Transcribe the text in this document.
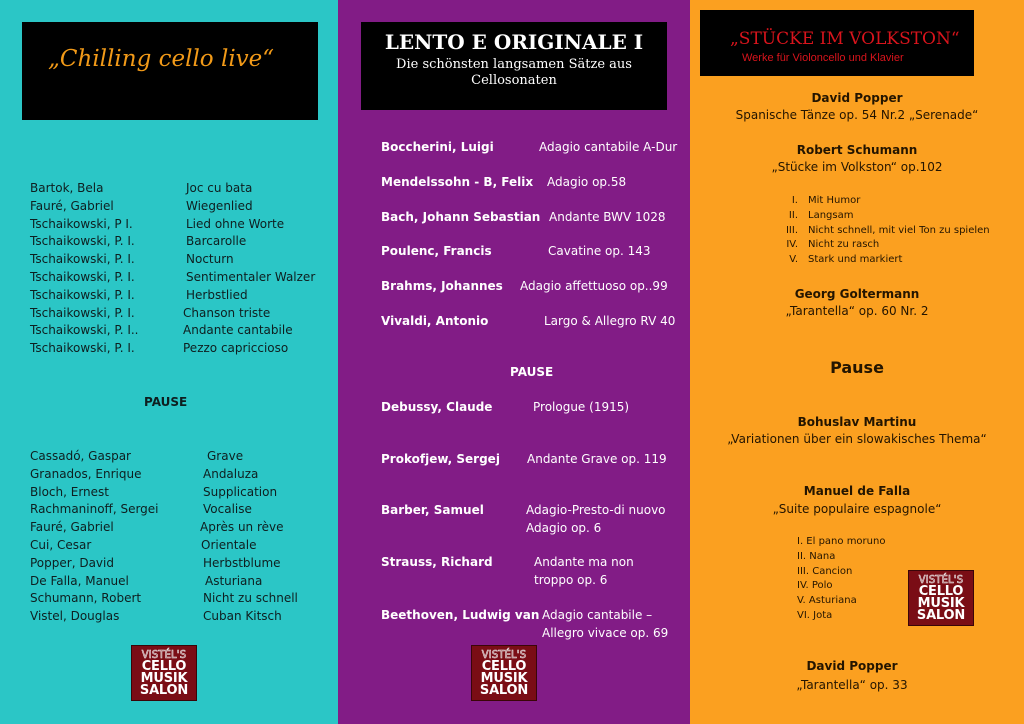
„Chilling cello live“
Bartok, Bela	Joc cu bata
Fauré, Gabriel	Wiegenlied
Tschaikowski, P I.	Lied ohne Worte
Tschaikowski, P. I.	Barcarolle
Tschaikowski, P. I.	Nocturn
Tschaikowski, P. I.	Sentimentaler Walzer
Tschaikowski, P. I.	Herbstlied
Tschaikowski, P. I.	Chanson triste
Tschaikowski, P. I..	Andante cantabile
Tschaikowski, P. I.	Pezzo capriccioso
PAUSE
Cassadó, Gaspar	Grave
Granados, Enrique	Andaluza
Bloch, Ernest	Supplication
Rachmaninoff, Sergei	Vocalise
Fauré, Gabriel	Après un rève
Cui, Cesar	Orientale
Popper, David	Herbstblume
De Falla, Manuel	Asturiana
Schumann, Robert	Nicht zu schnell
Vistel, Douglas	Cuban Kitsch
VISTÉL'S
CELLO
MUSIK
SALON
LENTO E ORIGINALE I
Die schönsten langsamen Sätze aus
Cellosonaten
Boccherini, Luigi	Adagio cantabile A-Dur
Mendelssohn - B, Felix Adagio op.58
Bach, Johann Sebastian Andante BWV 1028
Poulenc, Francis	Cavatine op. 143
Brahms, Johannes Adagio affettuoso op..99
Vivaldi, Antonio	Largo & Allegro RV 40
PAUSE
Debussy, Claude	Prologue (1915)
Prokofjew, Sergej Andante Grave op. 119
Barber, Samuel	Adagio-Presto-di nuovo
Adagio op. 6
Strauss, Richard	Andante ma non
troppo op. 6
Beethoven, Ludwig van Adagio cantabile –
Allegro vivace op. 69
VISTÉL'S
CELLO
MUSIK
SALON
„STÜCKE IM VOLKSTON“
Werke für Violoncello und Klavier
David Popper
Spanische Tänze op. 54 Nr.2 „Serenade“
Robert Schumann
„Stücke im Volkston“ op.102
I. Mit Humor
II. Langsam
III. Nicht schnell, mit viel Ton zu spielen
IV. Nicht zu rasch
V. Stark und markiert
Georg Goltermann
„Tarantella“ op. 60 Nr. 2
Pause
Bohuslav Martinu
„Variationen über ein slowakisches Thema“
Manuel de Falla
„Suite populaire espagnole“
I. El pano moruno
II. Nana
III. Cancion
IV. Polo
V. Asturiana
VI. Jota
VISTÉL'S
CELLO
MUSIK
SALON
David Popper
„Tarantella“ op. 33
